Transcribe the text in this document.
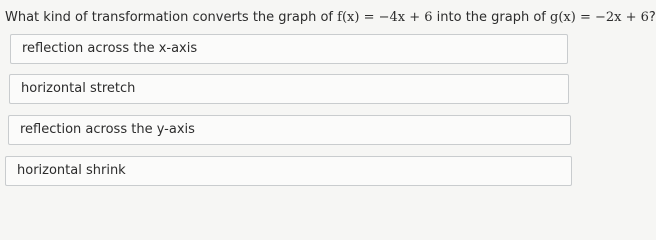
What kind of transformation converts the graph of f(x) = −4x + 6 into the graph of g(x) = −2x + 6?
reflection across the x-axis
horizontal stretch
reflection across the y-axis
horizontal shrink
